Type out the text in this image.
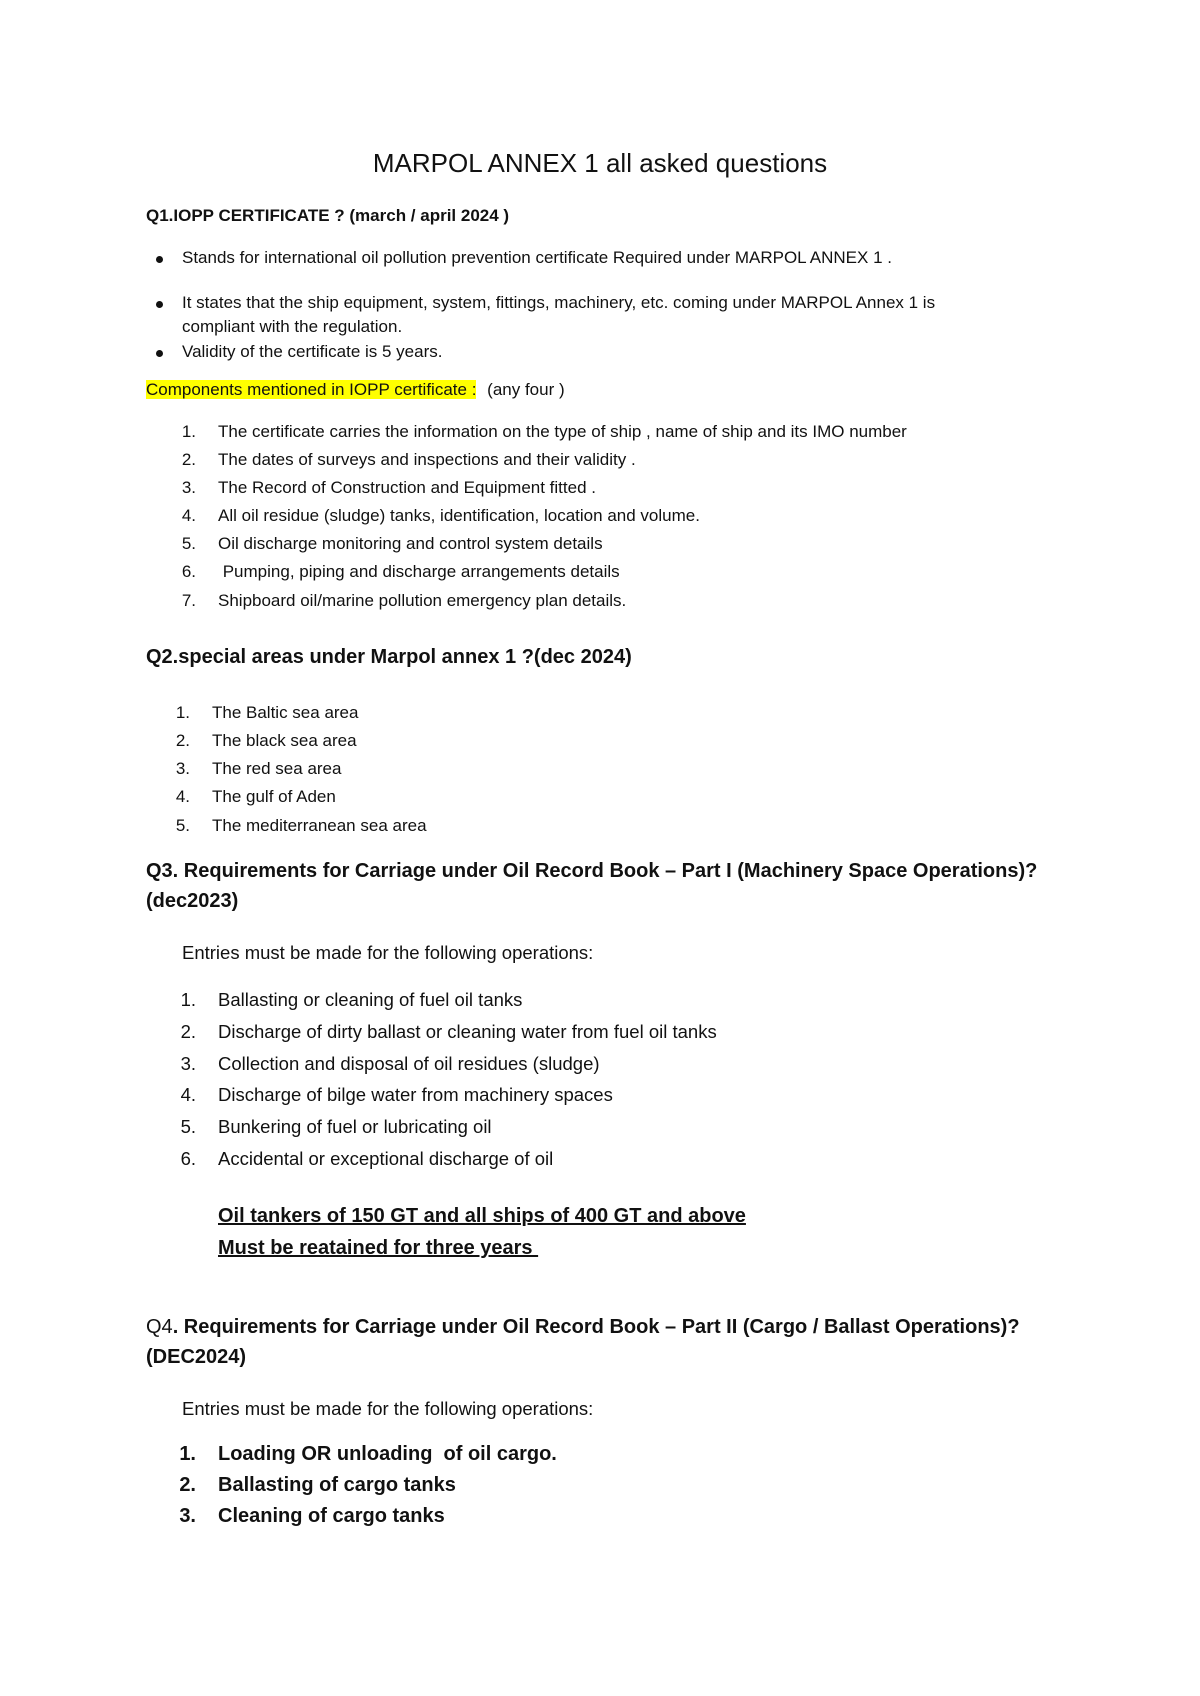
MARPOL ANNEX 1 all asked questions
Q1.IOPP CERTIFICATE ? (march / april 2024 )
Stands for international oil pollution prevention certificate Required under MARPOL ANNEX 1 .
It states that the ship equipment, system, fittings, machinery, etc. coming under MARPOL Annex 1 is
compliant with the regulation.
Validity of the certificate is 5 years.
Components mentioned in IOPP certificate : (any four )
1. The certificate carries the information on the type of ship , name of ship and its IMO number
2. The dates of surveys and inspections and their validity .
3. The Record of Construction and Equipment fitted .
4. All oil residue (sludge) tanks, identification, location and volume.
5. Oil discharge monitoring and control system details
6. Pumping, piping and discharge arrangements details
7. Shipboard oil/marine pollution emergency plan details.
Q2.special areas under Marpol annex 1 ?(dec 2024)
1. The Baltic sea area
2. The black sea area
3. The red sea area
4. The gulf of Aden
5. The mediterranean sea area
Q3. Requirements for Carriage under Oil Record Book – Part I (Machinery Space Operations)?
(dec2023)
Entries must be made for the following operations:
1. Ballasting or cleaning of fuel oil tanks
2. Discharge of dirty ballast or cleaning water from fuel oil tanks
3. Collection and disposal of oil residues (sludge)
4. Discharge of bilge water from machinery spaces
5. Bunkering of fuel or lubricating oil
6. Accidental or exceptional discharge of oil
Oil tankers of 150 GT and all ships of 400 GT and above
Must be reatained for three years
Q4. Requirements for Carriage under Oil Record Book – Part II (Cargo / Ballast Operations)?
(DEC2024)
Entries must be made for the following operations:
1. Loading OR unloading  of oil cargo.
2. Ballasting of cargo tanks
3. Cleaning of cargo tanks
